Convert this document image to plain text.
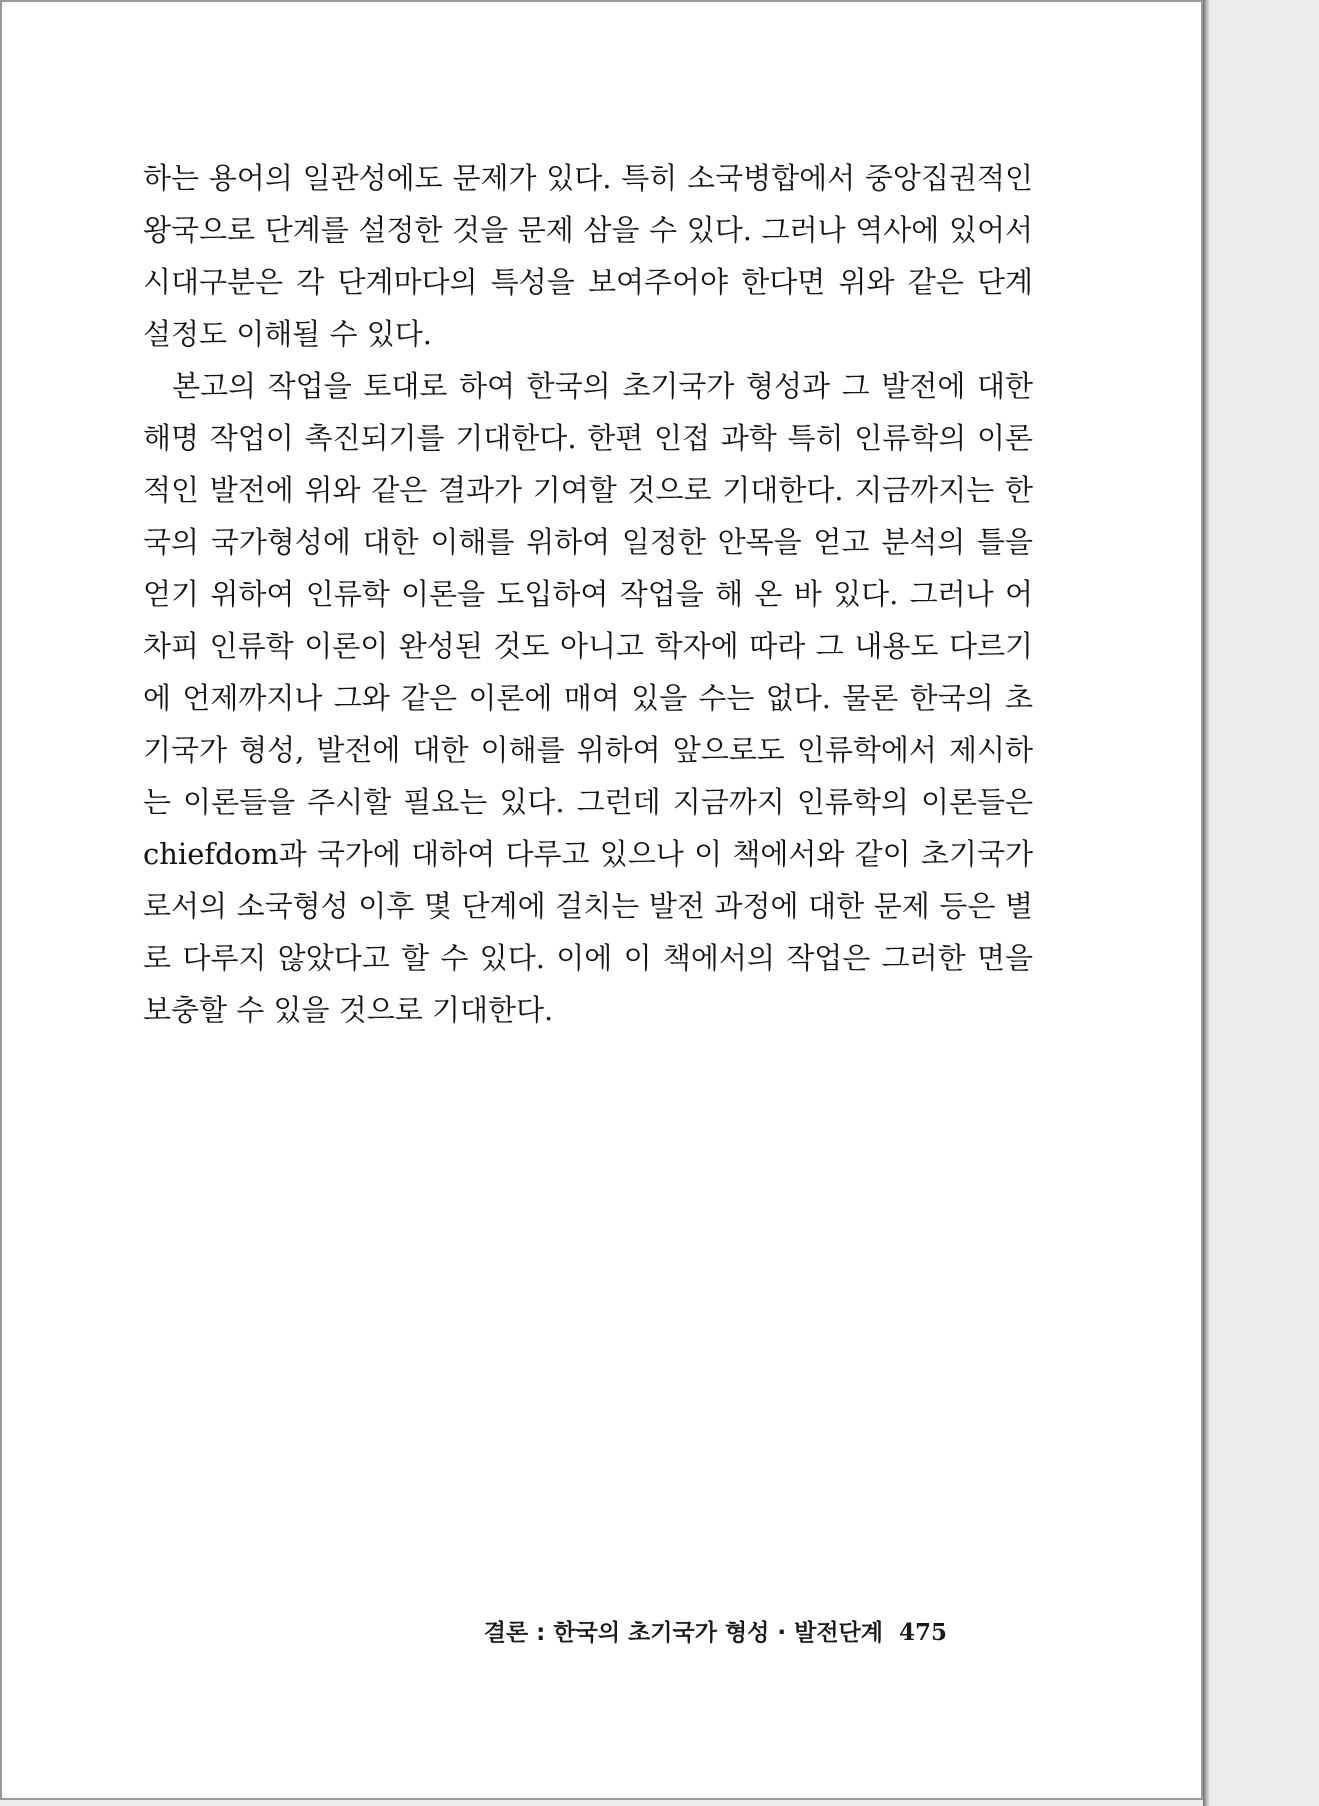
하는 용어의 일관성에도 문제가 있다. 특히 소국병합에서 중앙집권적인 왕국으로 단계를 설정한 것을 문제 삼을 수 있다. 그러나 역사에 있어서 시대구분은 각 단계마다의 특성을 보여주어야 한다면 위와 같은 단계 설정도 이해될 수 있다.

본고의 작업을 토대로 하여 한국의 초기국가 형성과 그 발전에 대한 해명 작업이 촉진되기를 기대한다. 한편 인접 과학 특히 인류학의 이론적인 발전에 위와 같은 결과가 기여할 것으로 기대한다. 지금까지는 한국의 국가형성에 대한 이해를 위하여 일정한 안목을 얻고 분석의 틀을 얻기 위하여 인류학 이론을 도입하여 작업을 해 온 바 있다. 그러나 어차피 인류학 이론이 완성된 것도 아니고 학자에 따라 그 내용도 다르기에 언제까지나 그와 같은 이론에 매여 있을 수는 없다. 물론 한국의 초기국가 형성, 발전에 대한 이해를 위하여 앞으로도 인류학에서 제시하는 이론들을 주시할 필요는 있다. 그런데 지금까지 인류학의 이론들은 chiefdom과 국가에 대하여 다루고 있으나 이 책에서와 같이 초기국가로서의 소국형성 이후 몇 단계에 걸치는 발전 과정에 대한 문제 등은 별로 다루지 않았다고 할 수 있다. 이에 이 책에서의 작업은 그러한 면을 보충할 수 있을 것으로 기대한다.

결론 : 한국의 초기국가 형성 · 발전단계 475
